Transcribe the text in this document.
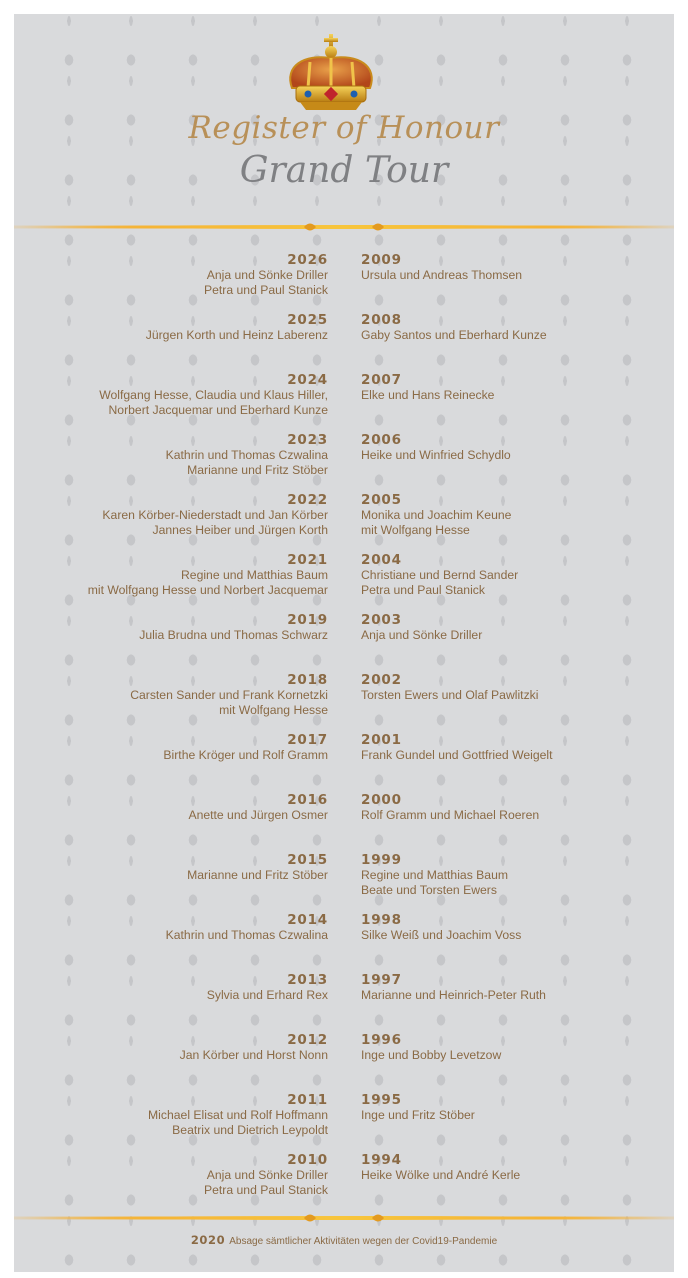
Register of Honour
Grand Tour
2026
Anja und Sönke Driller
Petra und Paul Stanick
2025
Jürgen Korth und Heinz Laberenz
2024
Wolfgang Hesse, Claudia und Klaus Hiller,
Norbert Jacquemar und Eberhard Kunze
2023
Kathrin und Thomas Czwalina
Marianne und Fritz Stöber
2022
Karen Körber-Niederstadt und Jan Körber
Jannes Heiber und Jürgen Korth
2021
Regine und Matthias Baum
mit Wolfgang Hesse und Norbert Jacquemar
2019
Julia Brudna und Thomas Schwarz
2018
Carsten Sander und Frank Kornetzki
mit Wolfgang Hesse
2017
Birthe Kröger und Rolf Gramm
2016
Anette und Jürgen Osmer
2015
Marianne und Fritz Stöber
2014
Kathrin und Thomas Czwalina
2013
Sylvia und Erhard Rex
2012
Jan Körber und Horst Nonn
2011
Michael Elisat und Rolf Hoffmann
Beatrix und Dietrich Leypoldt
2010
Anja und Sönke Driller
Petra und Paul Stanick
2009
Ursula und Andreas Thomsen
2008
Gaby Santos und Eberhard Kunze
2007
Elke und Hans Reinecke
2006
Heike und Winfried Schydlo
2005
Monika und Joachim Keune
mit Wolfgang Hesse
2004
Christiane und Bernd Sander
Petra und Paul Stanick
2003
Anja und Sönke Driller
2002
Torsten Ewers und Olaf Pawlitzki
2001
Frank Gundel und Gottfried Weigelt
2000
Rolf Gramm und Michael Roeren
1999
Regine und Matthias Baum
Beate und Torsten Ewers
1998
Silke Weiß und Joachim Voss
1997
Marianne und Heinrich-Peter Ruth
1996
Inge und Bobby Levetzow
1995
Inge und Fritz Stöber
1994
Heike Wölke und André Kerle
2020 Absage sämtlicher Aktivitäten wegen der Covid19-Pandemie
